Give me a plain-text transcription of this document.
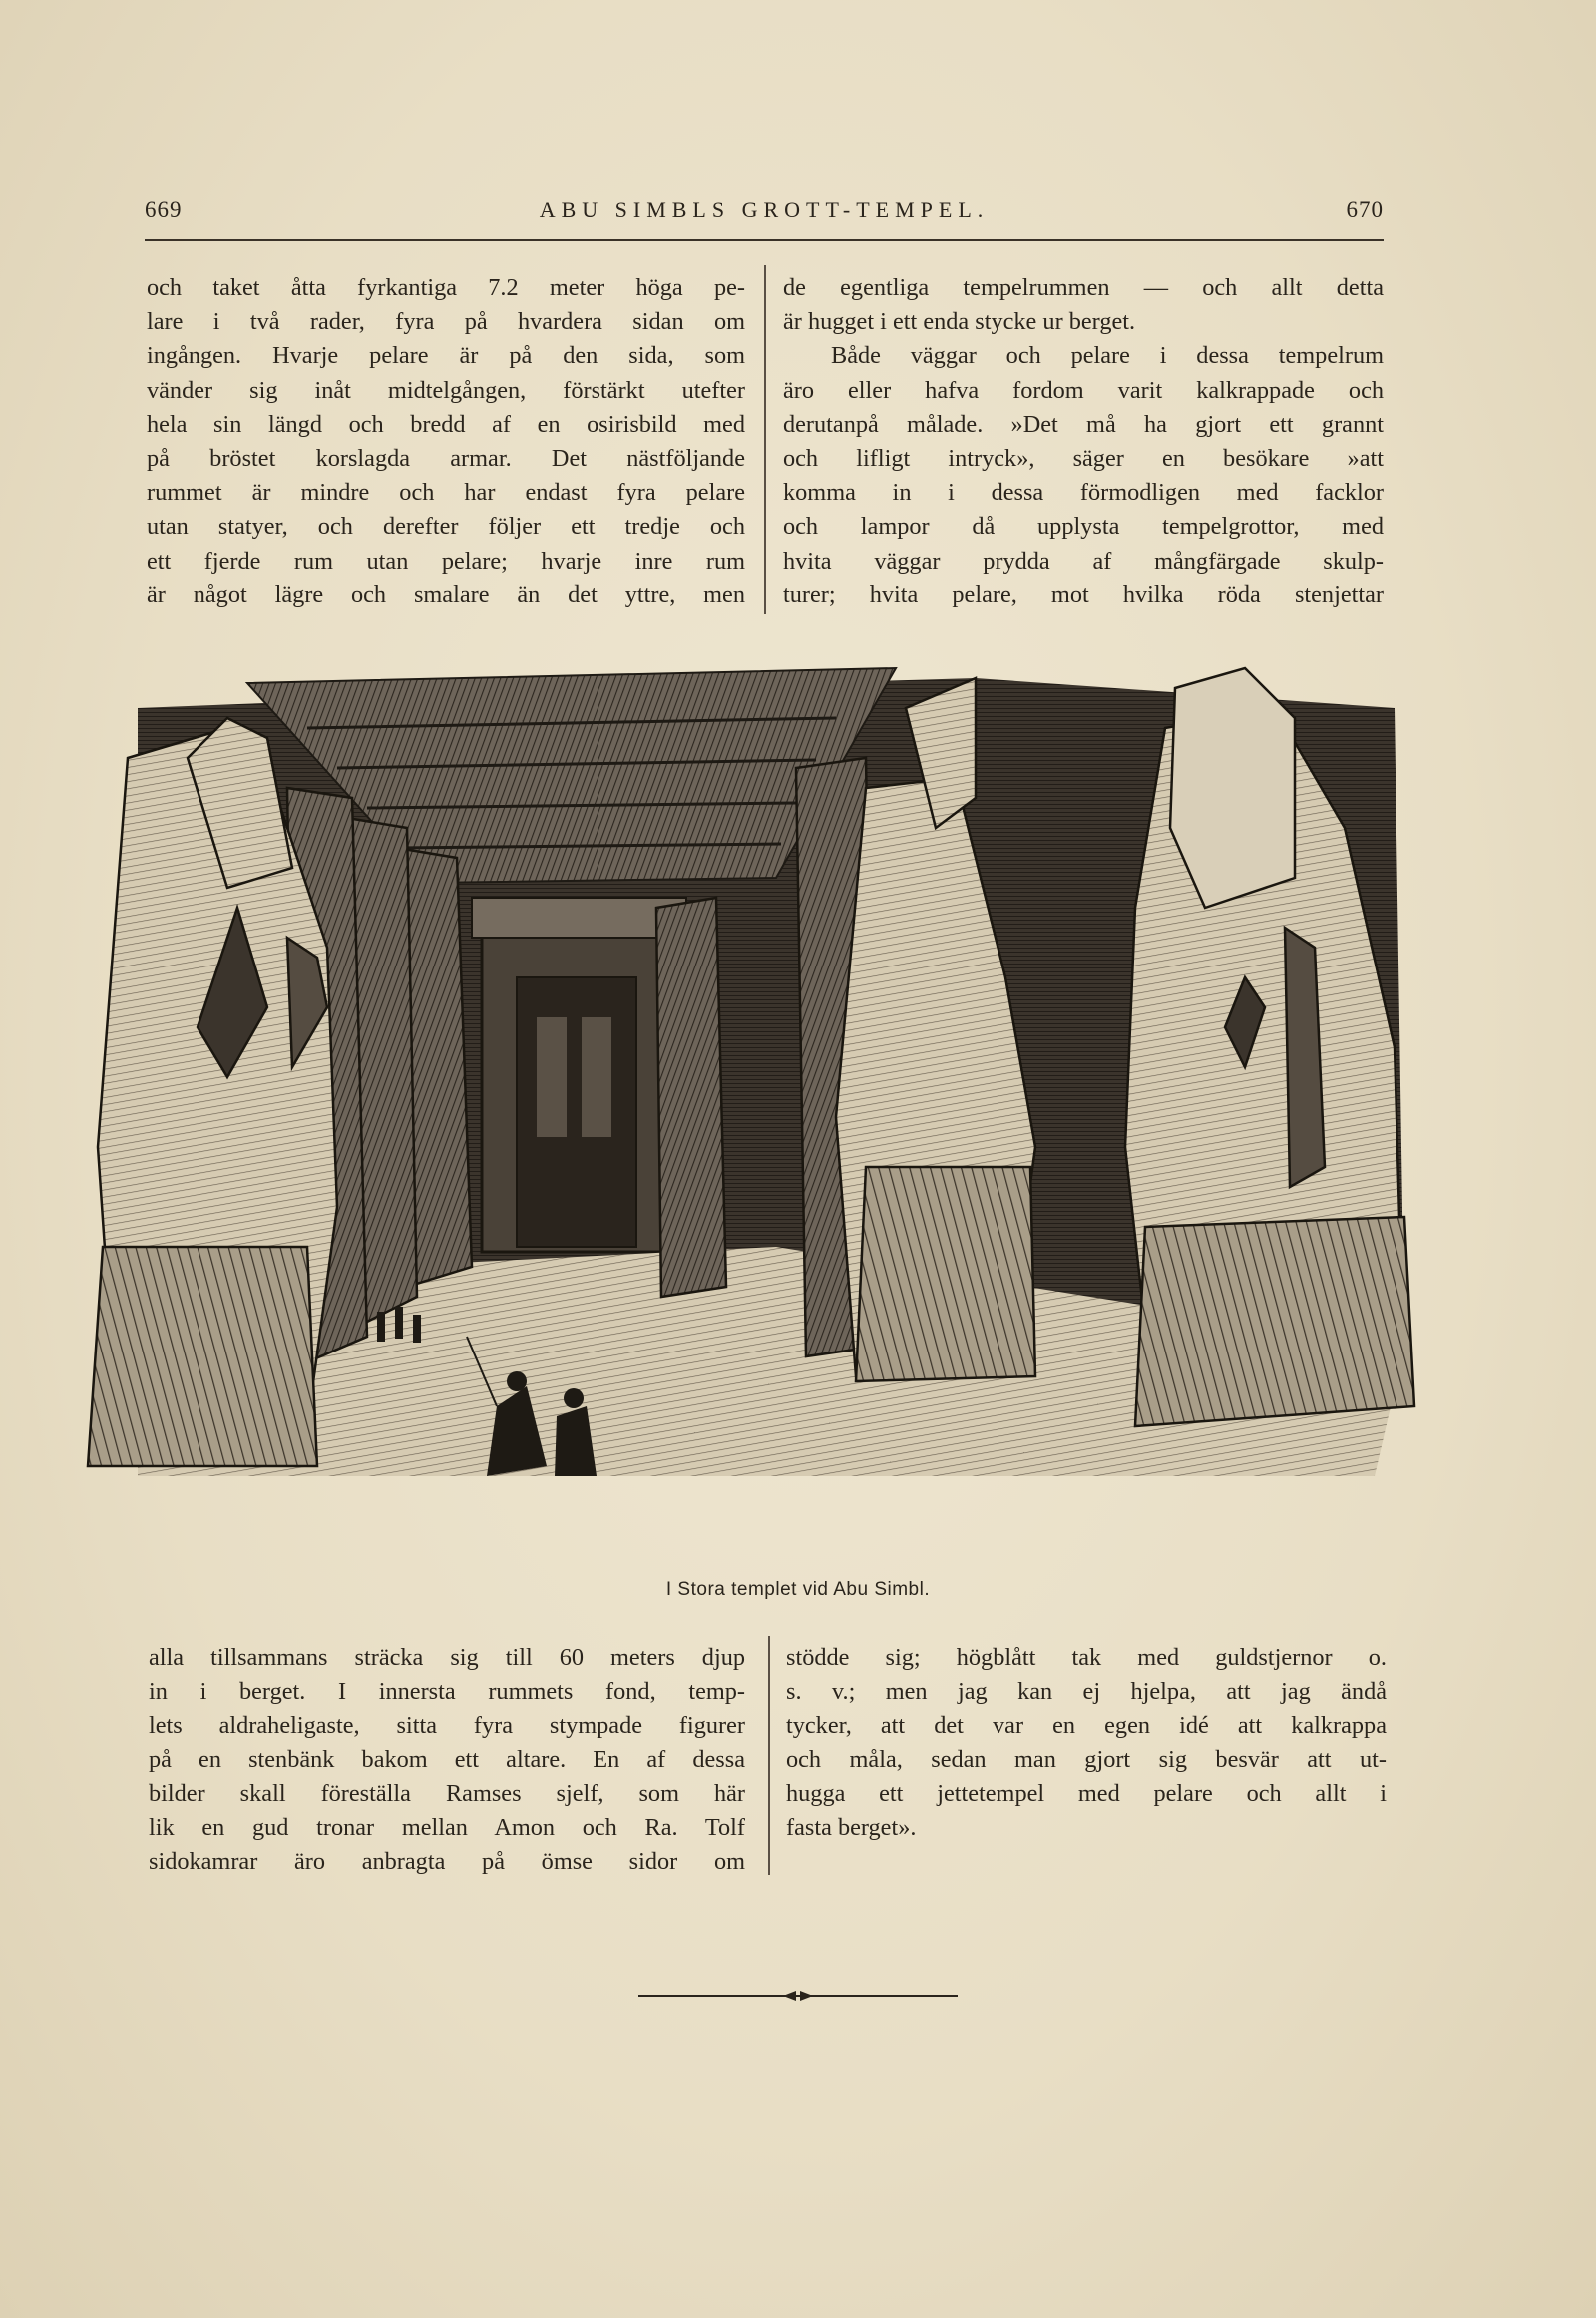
669	ABU SIMBLS GROTT-TEMPEL.	670
och taket åtta fyrkantiga 7.2 meter höga pe-
lare i två rader, fyra på hvardera sidan om
ingången. Hvarje pelare är på den sida, som
vänder sig inåt midtelgången, förstärkt utefter
hela sin längd och bredd af en osirisbild med
på bröstet korslagda armar. Det nästföljande
rummet är mindre och har endast fyra pelare
utan statyer, och derefter följer ett tredje och
ett fjerde rum utan pelare; hvarje inre rum
är något lägre och smalare än det yttre, men
de egentliga tempelrummen — och allt detta
är hugget i ett enda stycke ur berget.
Både väggar och pelare i dessa tempelrum
äro eller hafva fordom varit kalkrappade och
derutanpå målade. »Det må ha gjort ett grannt
och lifligt intryck», säger en besökare »att
komma in i dessa förmodligen med facklor
och lampor då upplysta tempelgrottor, med
hvita väggar prydda af mångfärgade skulp-
turer; hvita pelare, mot hvilka röda stenjettar
I Stora templet vid Abu Simbl.
alla tillsammans sträcka sig till 60 meters djup
in i berget. I innersta rummets fond, temp-
lets aldraheligaste, sitta fyra stympade figurer
på en stenbänk bakom ett altare. En af dessa
bilder skall föreställa Ramses sjelf, som här
lik en gud tronar mellan Amon och Ra. Tolf
sidokamrar äro anbragta på ömse sidor om
stödde sig; högblått tak med guldstjernor o.
s. v.; men jag kan ej hjelpa, att jag ändå
tycker, att det var en egen idé att kalkrappa
och måla, sedan man gjort sig besvär att ut-
hugga ett jettetempel med pelare och allt i
fasta berget».
